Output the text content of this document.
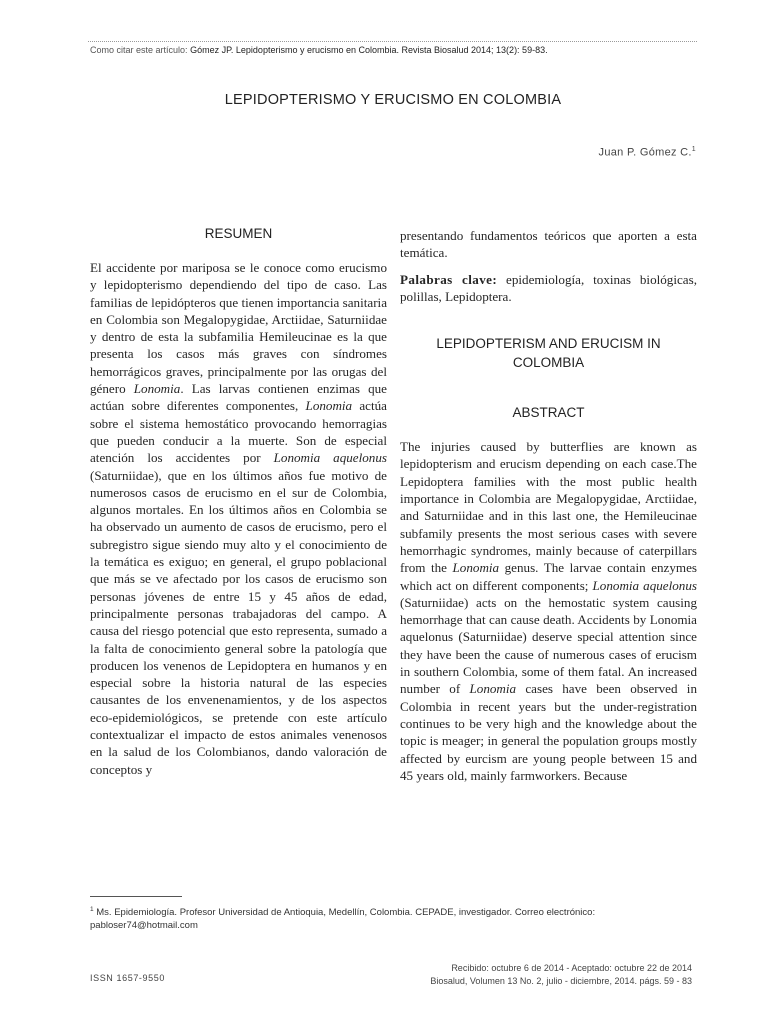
Como citar este artículo: Gómez JP. Lepidopterismo y erucismo en Colombia. Revista Biosalud 2014; 13(2): 59-83.
LEPIDOPTERISMO Y ERUCISMO EN COLOMBIA
Juan P. Gómez C.$^1$
RESUMEN

El accidente por mariposa se le conoce como erucismo y lepidopterismo dependiendo del tipo de caso. Las familias de lepidópteros que tienen importancia sanitaria en Colombia son Megalopygidae, Arctiidae, Saturniidae y dentro de esta la subfamilia Hemileucinae es la que presenta los casos más graves con síndromes hemorrágicos graves, principalmente por las orugas del género Lonomia. Las larvas contienen enzimas que actúan sobre diferentes componentes, Lonomia actúa sobre el sistema hemostático provocando hemorragias que pueden conducir a la muerte. Son de especial atención los accidentes por Lonomia aquelonus (Saturniidae), que en los últimos años fue motivo de numerosos casos de erucismo en el sur de Colombia, algunos mortales. En los últimos años en Colombia se ha observado un aumento de casos de erucismo, pero el subregistro sigue siendo muy alto y el conocimiento de la temática es exiguo; en general, el grupo poblacional que más se ve afectado por los casos de erucismo son personas jóvenes de entre 15 y 45 años de edad, principalmente personas trabajadoras del campo. A causa del riesgo potencial que esto representa, sumado a la falta de conocimiento general sobre la patología que producen los venenos de Lepidoptera en humanos y en especial sobre la historia natural de las especies causantes de los envenenamientos, y de los aspectos eco-epidemiológicos, se pretende con este artículo contextualizar el impacto de estos animales venenosos en la salud de los Colombianos, dando valoración de conceptos y

presentando fundamentos teóricos que aporten a esta temática.

Palabras clave: epidemiología, toxinas biológicas, polillas, Lepidoptera.

LEPIDOPTERISM AND ERUCISM IN COLOMBIA
ABSTRACT

The injuries caused by butterflies are known as lepidopterism and erucism depending on each case.The Lepidoptera families with the most public health importance in Colombia are Megalopygidae, Arctiidae, and Saturniidae and in this last one, the Hemileucinae subfamily presents the most serious cases with severe hemorrhagic syndromes, mainly because of caterpillars from the Lonomia genus. The larvae contain enzymes which act on different components; Lonomia aquelonus (Saturniidae) acts on the hemostatic system causing hemorrhage that can cause death. Accidents by Lonomia aquelonus (Saturniidae) deserve special attention since they have been the cause of numerous cases of erucism in southern Colombia, some of them fatal. An increased number of Lonomia cases have been observed in Colombia in recent years but the under-registration continues to be very high and the knowledge about the topic is meager; in general the population groups mostly affected by eurcism are young people between 15 and 45 years old, mainly farmworkers. Because

$^1$ Ms. Epidemiología. Profesor Universidad de Antioquia, Medellín, Colombia. CEPADE, investigador. Correo electrónico: pabloser74@hotmail.com
Recibido: octubre 6 de 2014 - Aceptado: octubre 22 de 2014
Biosalud, Volumen 13 No. 2, julio - diciembre, 2014. págs. 59 - 83
ISSN 1657-9550
